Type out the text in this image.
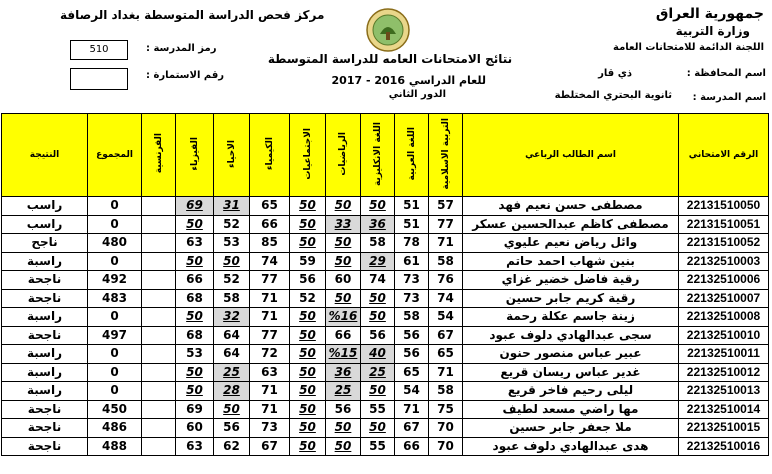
جمهورية العراق
وزارة التربية
اللجنة الدائمة للامتحانات العامة
اسم المحافظة :
ذي قار
اسم المدرسة :
ثانوية البحتري المختلطة
نتائج الامتحانات العامه للدراسة المتوسطة
للعام الدراسي 2016 - 2017
الدور الثاني
مركز فحص الدراسة المتوسطة بغداد الرصافة
510	رمز المدرسة :
رقم الاستمارة :
الرقم الامتحاني	اسم الطالب الرباعي	التربية الاسلامية	اللغة العربية	اللغة الانكليزية	الرياضيات	الاجتماعيات	الكيمياء	الاحياء	الفيزياء	الفرنسية	المجموع	النتيجة
22131510050	مصطفى حسن نعيم فهد	57	51	50	50	50	65	31	69		0	راسب
22131510051	مصطفى كاظم عبدالحسين عسكر	77	51	36	33	50	66	52	50		0	راسب
22131510052	وائل رياض نعيم عليوي	71	78	58	50	50	85	53	63		480	ناجح
22132510003	بنين شهاب احمد حاتم	58	61	29	50	59	74	50	50		0	راسبة
22132510006	رقية فاضل خضير غزاي	76	73	74	60	56	77	52	66		492	ناجحة
22132510007	رقية كريم جابر حسين	74	73	50	50	52	71	58	68		483	ناجحة
22132510008	زينة جاسم عكلة رحمة	54	58	50	%16	50	71	32	50		0	راسبة
22132510010	سجى عبدالهادي دلوف عبود	67	56	56	66	50	77	64	68		497	ناجحة
22132510011	عبير عباس منصور حنون	65	56	40	%15	50	72	64	53		0	راسبة
22132510012	غدير عباس ريسان قريع	71	65	25	36	50	63	25	50		0	راسبة
22132510013	ليلى رحيم فاخر قريع	58	54	50	25	50	71	28	50		0	راسبة
22132510014	مها راضي مسعد لطيف	75	71	55	56	50	71	50	69		450	ناجحة
22132510015	ملا جعفر جابر حسين	70	67	50	50	50	73	56	60		486	ناجحة
22132510016	هدى عبدالهادي دلوف عبود	70	66	55	50	50	67	62	63		488	ناجحة
